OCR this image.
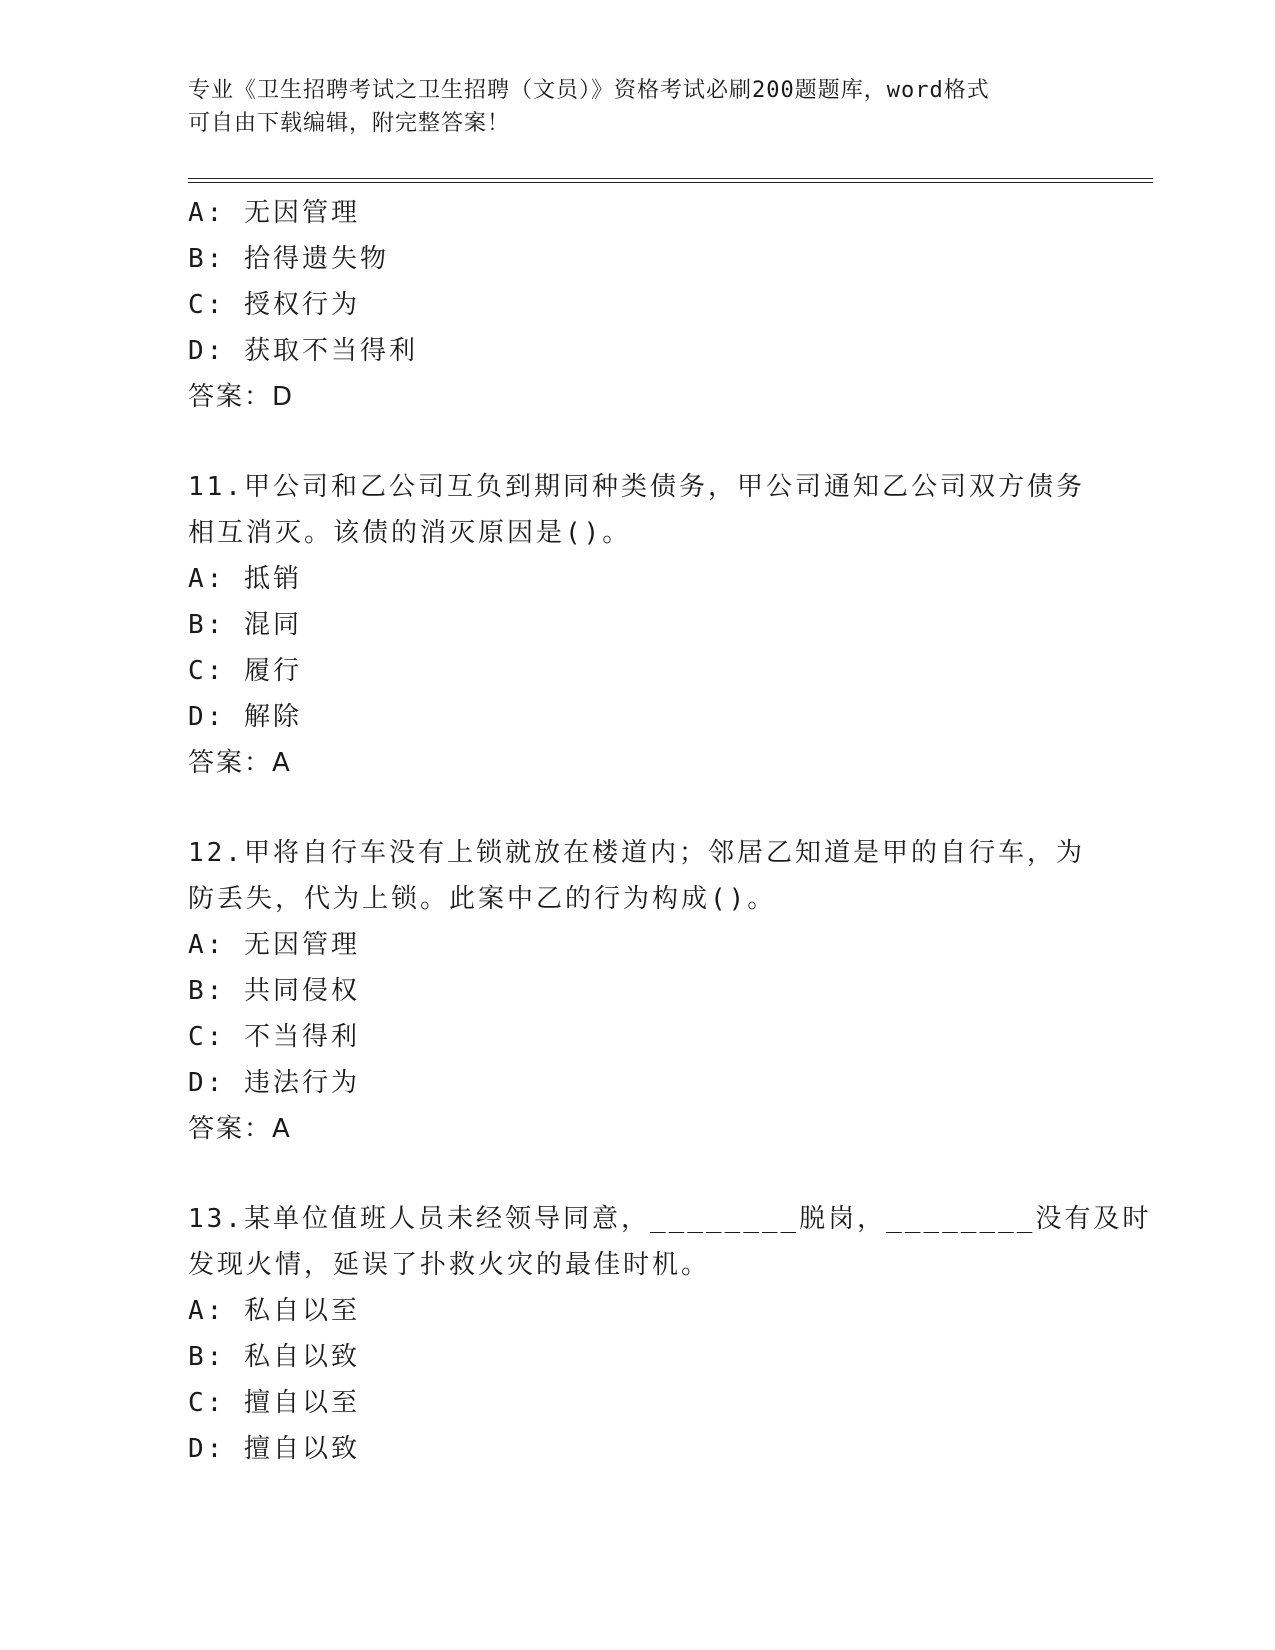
专业《卫生招聘考试之卫生招聘（文员）》资格考试必刷200题题库，word格式
可自由下载编辑，附完整答案！
A: 无因管理
B: 拾得遗失物
C: 授权行为
D: 获取不当得利
答案：D
11.甲公司和乙公司互负到期同种类债务，甲公司通知乙公司双方债务
相互消灭。该债的消灭原因是()。
A: 抵销
B: 混同
C: 履行
D: 解除
答案：A
12.甲将自行车没有上锁就放在楼道内；邻居乙知道是甲的自行车，为
防丢失，代为上锁。此案中乙的行为构成()。
A: 无因管理
B: 共同侵权
C: 不当得利
D: 违法行为
答案：A
13.某单位值班人员未经领导同意，________脱岗，________没有及时
发现火情，延误了扑救火灾的最佳时机。
A: 私自以至
B: 私自以致
C: 擅自以至
D: 擅自以致
